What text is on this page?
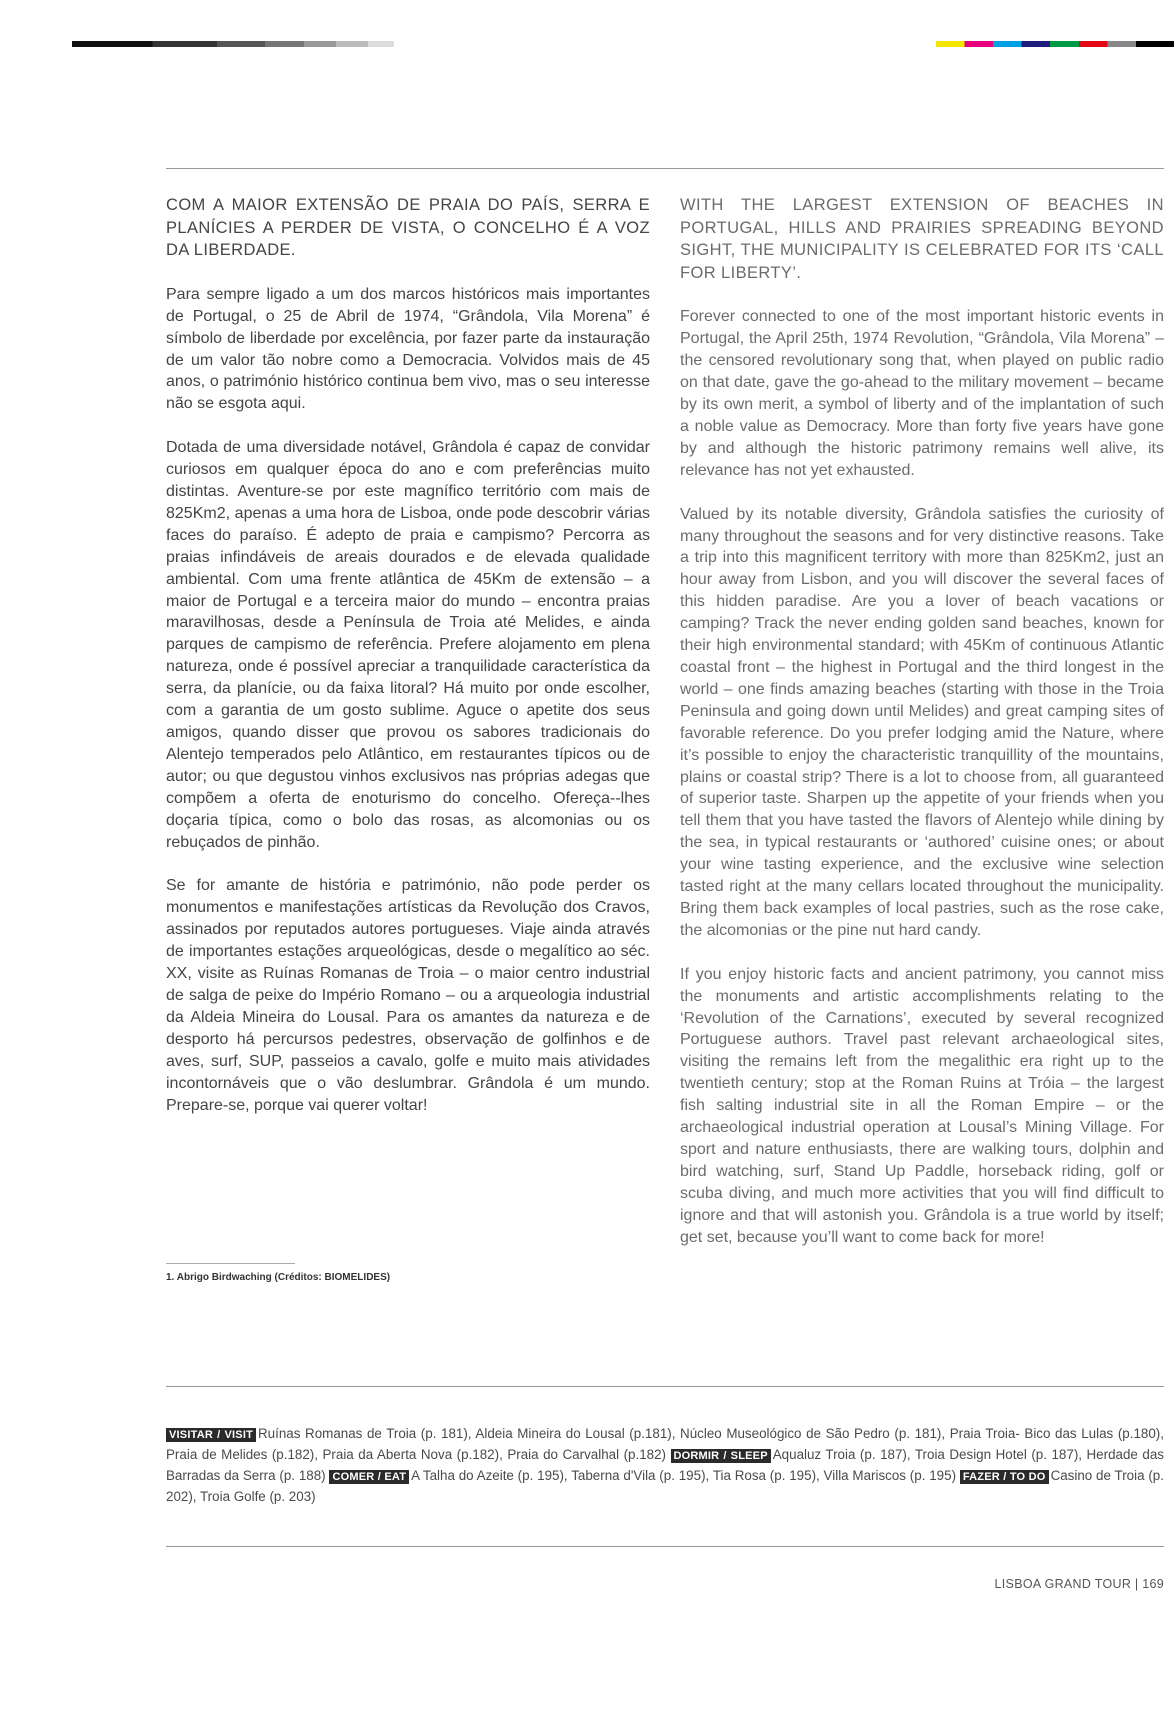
COM A MAIOR EXTENSÃO DE PRAIA DO PAÍS, SERRA E PLANÍCIES A PERDER DE VISTA, O CONCELHO É A VOZ DA LIBERDADE.

Para sempre ligado a um dos marcos históricos mais importantes de Portugal, o 25 de Abril de 1974, “Grândola, Vila Morena” é símbolo de liberdade por excelência, por fazer parte da instauração de um valor tão nobre como a Democracia. Volvidos mais de 45 anos, o património histórico continua bem vivo, mas o seu interesse não se esgota aqui.

Dotada de uma diversidade notável, Grândola é capaz de convidar curiosos em qualquer época do ano e com preferências muito distintas. Aventure-se por este magnífico território com mais de 825Km2, apenas a uma hora de Lisboa, onde pode descobrir várias faces do paraíso. É adepto de praia e campismo? Percorra as praias infindáveis de areais dourados e de elevada qualidade ambiental. Com uma frente atlântica de 45Km de extensão – a maior de Portugal e a terceira maior do mundo – encontra praias maravilhosas, desde a Península de Troia até Melides, e ainda parques de campismo de referência. Prefere alojamento em plena natureza, onde é possível apreciar a tranquilidade característica da serra, da planície, ou da faixa litoral? Há muito por onde escolher, com a garantia de um gosto sublime. Aguce o apetite dos seus amigos, quando disser que provou os sabores tradicionais do Alentejo temperados pelo Atlântico, em restaurantes típicos ou de autor; ou que degustou vinhos exclusivos nas próprias adegas que compõem a oferta de enoturismo do concelho. Ofereça--lhes doçaria típica, como o bolo das rosas, as alcomonias ou os rebuçados de pinhão.

Se for amante de história e património, não pode perder os monumentos e manifestações artísticas da Revolução dos Cravos, assinados por reputados autores portugueses. Viaje ainda através de importantes estações arqueológicas, desde o megalítico ao séc. XX, visite as Ruínas Romanas de Troia – o maior centro industrial de salga de peixe do Império Romano – ou a arqueologia industrial da Aldeia Mineira do Lousal. Para os amantes da natureza e de desporto há percursos pedestres, observação de golfinhos e de aves, surf, SUP, passeios a cavalo, golfe e muito mais atividades incontornáveis que o vão deslumbrar. Grândola é um mundo. Prepare-se, porque vai querer voltar!

WITH THE LARGEST EXTENSION OF BEACHES IN PORTUGAL, HILLS AND PRAIRIES SPREADING BEYOND SIGHT, THE MUNICIPALITY IS CELEBRATED FOR ITS ‘CALL FOR LIBERTY’.

Forever connected to one of the most important historic events in Portugal, the April 25th, 1974 Revolution, “Grândola, Vila Morena” – the censored revolutionary song that, when played on public radio on that date, gave the go-ahead to the military movement – became by its own merit, a symbol of liberty and of the implantation of such a noble value as Democracy. More than forty five years have gone by and although the historic patrimony remains well alive, its relevance has not yet exhausted.

Valued by its notable diversity, Grândola satisfies the curiosity of many throughout the seasons and for very distinctive reasons. Take a trip into this magnificent territory with more than 825Km2, just an hour away from Lisbon, and you will discover the several faces of this hidden paradise. Are you a lover of beach vacations or camping? Track the never ending golden sand beaches, known for their high environmental standard; with 45Km of continuous Atlantic coastal front – the highest in Portugal and the third longest in the world – one finds amazing beaches (starting with those in the Troia Peninsula and going down until Melides) and great camping sites of favorable reference. Do you prefer lodging amid the Nature, where it’s possible to enjoy the characteristic tranquillity of the mountains, plains or coastal strip? There is a lot to choose from, all guaranteed of superior taste. Sharpen up the appetite of your friends when you tell them that you have tasted the flavors of Alentejo while dining by the sea, in typical restaurants or ‘authored’ cuisine ones; or about your wine tasting experience, and the exclusive wine selection tasted right at the many cellars located throughout the municipality. Bring them back examples of local pastries, such as the rose cake, the alcomonias or the pine nut hard candy.

If you enjoy historic facts and ancient patrimony, you cannot miss the monuments and artistic accomplishments relating to the ‘Revolution of the Carnations’, executed by several recognized Portuguese authors. Travel past relevant archaeological sites, visiting the remains left from the megalithic era right up to the twentieth century; stop at the Roman Ruins at Tróia – the largest fish salting industrial site in all the Roman Empire – or the archaeological industrial operation at Lousal’s Mining Village. For sport and nature enthusiasts, there are walking tours, dolphin and bird watching, surf, Stand Up Paddle, horseback riding, golf or scuba diving, and much more activities that you will find difficult to ignore and that will astonish you. Grândola is a true world by itself; get set, because you’ll want to come back for more!

1. Abrigo Birdwaching (Créditos: BIOMELIDES)
VISITAR / VISIT Ruínas Romanas de Troia (p. 181), Aldeia Mineira do Lousal (p.181), Núcleo Museológico de São Pedro (p. 181), Praia Troia- Bico das Lulas (p.180), Praia de Melides (p.182), Praia da Aberta Nova (p.182), Praia do Carvalhal (p.182) DORMIR / SLEEP Aqualuz Troia (p. 187), Troia Design Hotel (p. 187), Herdade das Barradas da Serra (p. 188) COMER / EAT A Talha do Azeite (p. 195), Taberna d'Vila (p. 195), Tia Rosa (p. 195), Villa Mariscos (p. 195) FAZER / TO DO Casino de Troia (p. 202), Troia Golfe (p. 203)
LISBOA GRAND TOUR | 169
